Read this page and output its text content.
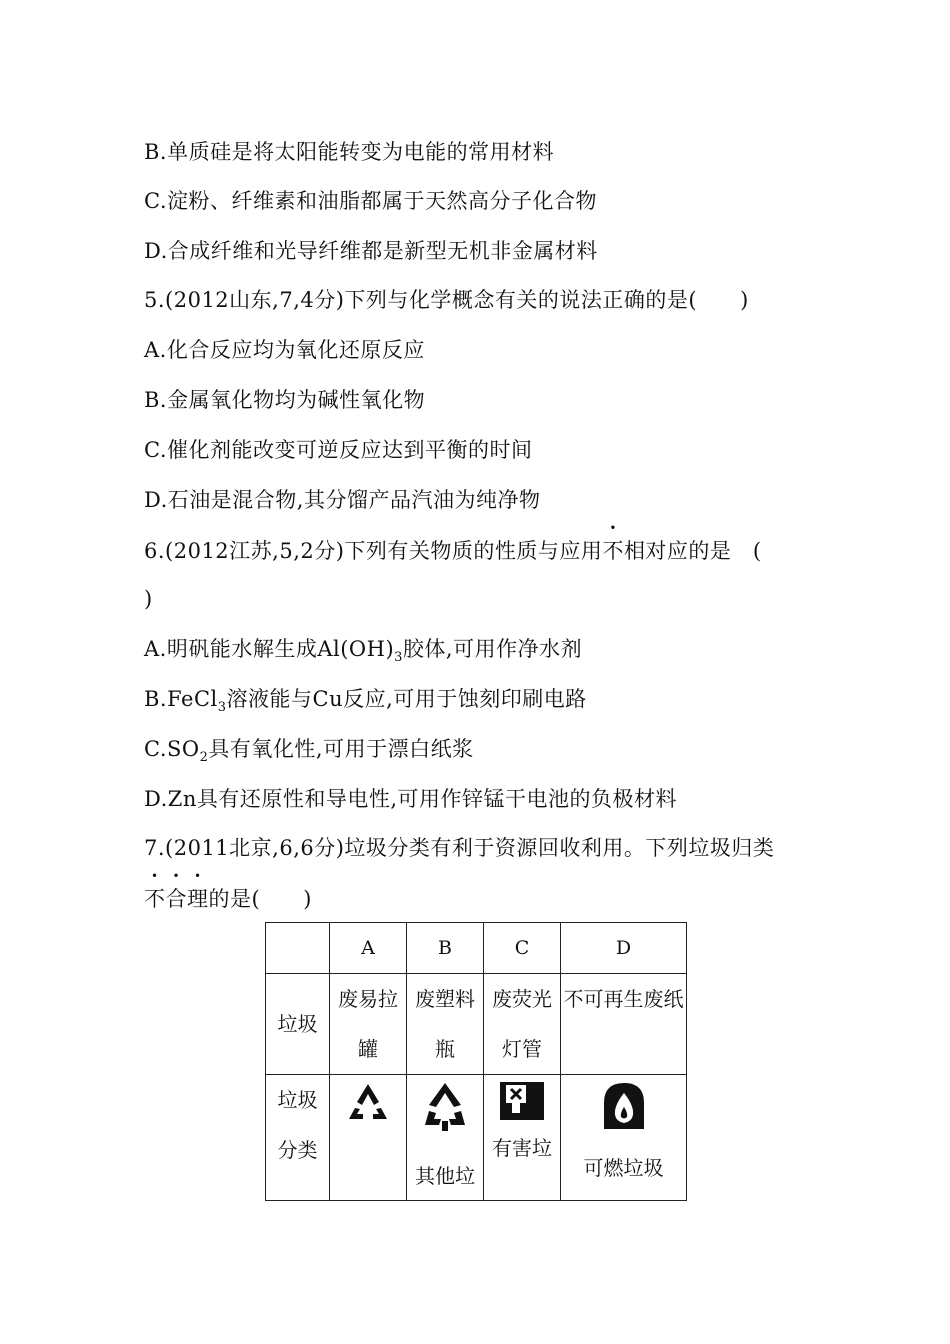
B.单质硅是将太阳能转变为电能的常用材料
C.淀粉、纤维素和油脂都属于天然高分子化合物
D.合成纤维和光导纤维都是新型无机非金属材料
5.(2012山东,7,4分)下列与化学概念有关的说法正确的是(　　)
A.化合反应均为氧化还原反应
B.金属氧化物均为碱性氧化物
C.催化剂能改变可逆反应达到平衡的时间
D.石油是混合物,其分馏产品汽油为纯净物
6.(2012江苏,5,2分)下列有关物质的性质与应用不相对应的是　(
)
A.明矾能水解生成$Al(OH)_3$胶体,可用作净水剂
B.FeCl$_3$溶液能与Cu反应,可用于蚀刻印刷电路
$C.SO_2$具有氧化性,可用于漂白纸浆
D.Zn具有还原性和导电性,可用作锌锰干电池的负极材料
7.(2011北京,6,6分)垃圾分类有利于资源回收利用。下列垃圾归类
不合理的是(　　)
	A	B	C	D
垃圾	废易拉罐	废塑料瓶	废荧光灯管	不可再生废纸
垃圾分类		其他垃	有害垃	可燃垃圾
